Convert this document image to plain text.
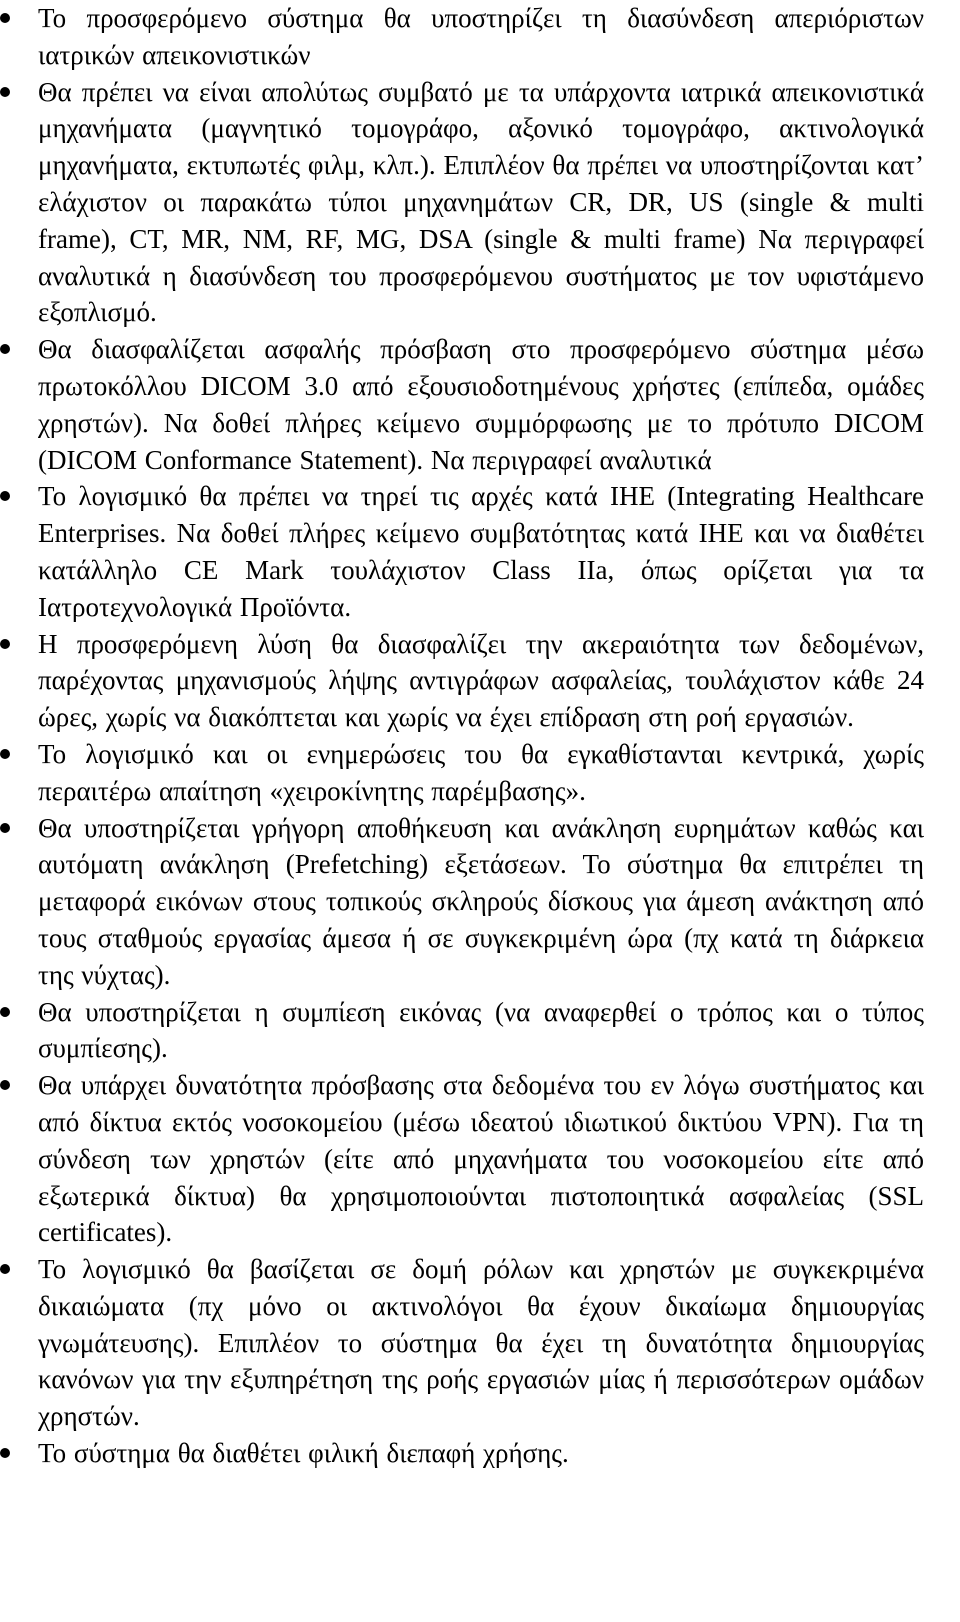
Το προσφερόμενο σύστημα θα υποστηρίζει τη διασύνδεση απεριόριστων ιατρικών απεικονιστικών
Θα πρέπει να είναι απολύτως συμβατό με τα υπάρχοντα ιατρικά απεικονιστικά μηχανήματα (μαγνητικό τομογράφο, αξονικό τομογράφο, ακτινολογικά μηχανήματα, εκτυπωτές φιλμ, κλπ.). Επιπλέον θα πρέπει να υποστηρίζονται κατ’ ελάχιστον οι παρακάτω τύποι μηχανημάτων CR, DR, US (single & multi frame), CT, MR, NM, RF, MG, DSA (single & multi frame) Να περιγραφεί αναλυτικά η διασύνδεση του προσφερόμενου συστήματος με τον υφιστάμενο εξοπλισμό.
Θα διασφαλίζεται ασφαλής πρόσβαση στο προσφερόμενο σύστημα μέσω πρωτοκόλλου DICOM 3.0 από εξουσιοδοτημένους χρήστες (επίπεδα, ομάδες χρηστών). Να δοθεί πλήρες κείμενο συμμόρφωσης με το πρότυπο DICOM (DICOM Conformance Statement). Να περιγραφεί αναλυτικά
Το λογισμικό θα πρέπει να τηρεί τις αρχές κατά IHE (Integrating Healthcare Enterprises. Να δοθεί πλήρες κείμενο συμβατότητας κατά IHE και να διαθέτει κατάλληλο CE Mark τουλάχιστον Class IIa, όπως ορίζεται για τα Ιατροτεχνολογικά Προϊόντα.
Η προσφερόμενη λύση θα διασφαλίζει την ακεραιότητα των δεδομένων, παρέχοντας μηχανισμούς λήψης αντιγράφων ασφαλείας, τουλάχιστον κάθε 24 ώρες, χωρίς να διακόπτεται και χωρίς να έχει επίδραση στη ροή εργασιών.
Το λογισμικό και οι ενημερώσεις του θα εγκαθίστανται κεντρικά, χωρίς περαιτέρω απαίτηση «χειροκίνητης παρέμβασης».
Θα υποστηρίζεται γρήγορη αποθήκευση και ανάκληση ευρημάτων καθώς και αυτόματη ανάκληση (Prefetching) εξετάσεων. Το σύστημα θα επιτρέπει τη μεταφορά εικόνων στους τοπικούς σκληρούς δίσκους για άμεση ανάκτηση από τους σταθμούς εργασίας άμεσα ή σε συγκεκριμένη ώρα (πχ κατά τη διάρκεια της νύχτας).
Θα υποστηρίζεται η συμπίεση εικόνας (να αναφερθεί ο τρόπος και ο τύπος συμπίεσης).
Θα υπάρχει δυνατότητα πρόσβασης στα δεδομένα του εν λόγω συστήματος και από δίκτυα εκτός νοσοκομείου (μέσω ιδεατού ιδιωτικού δικτύου VPN). Για τη σύνδεση των χρηστών (είτε από μηχανήματα του νοσοκομείου είτε από εξωτερικά δίκτυα) θα χρησιμοποιούνται πιστοποιητικά ασφαλείας (SSL certificates).
Το λογισμικό θα βασίζεται σε δομή ρόλων και χρηστών με συγκεκριμένα δικαιώματα (πχ μόνο οι ακτινολόγοι θα έχουν δικαίωμα δημιουργίας γνωμάτευσης). Επιπλέον το σύστημα θα έχει τη δυνατότητα δημιουργίας κανόνων για την εξυπηρέτηση της ροής εργασιών μίας ή περισσότερων ομάδων χρηστών.
Το σύστημα θα διαθέτει φιλική διεπαφή χρήσης.
